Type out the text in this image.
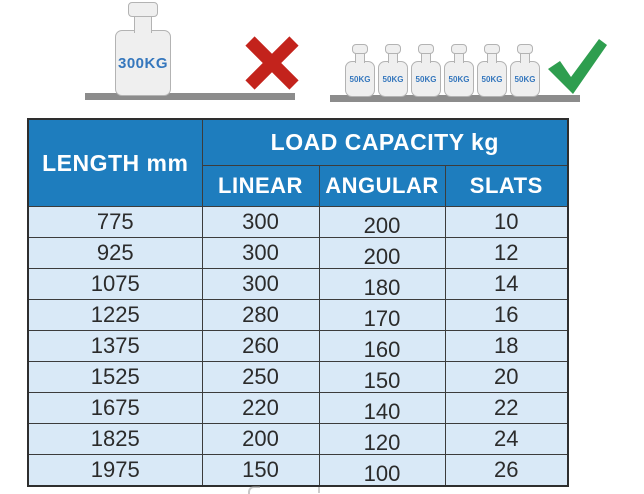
300KG
50KG 50KG 50KG 50KG 50KG 50KG
LENGTH mm	LOAD CAPACITY kg		
	LINEAR	ANGULAR	SLATS
775	300	200	10
925	300	200	12
1075	300	180	14
1225	280	170	16
1375	260	160	18
1525	250	150	20
1675	220	140	22
1825	200	120	24
1975	150	100	26
